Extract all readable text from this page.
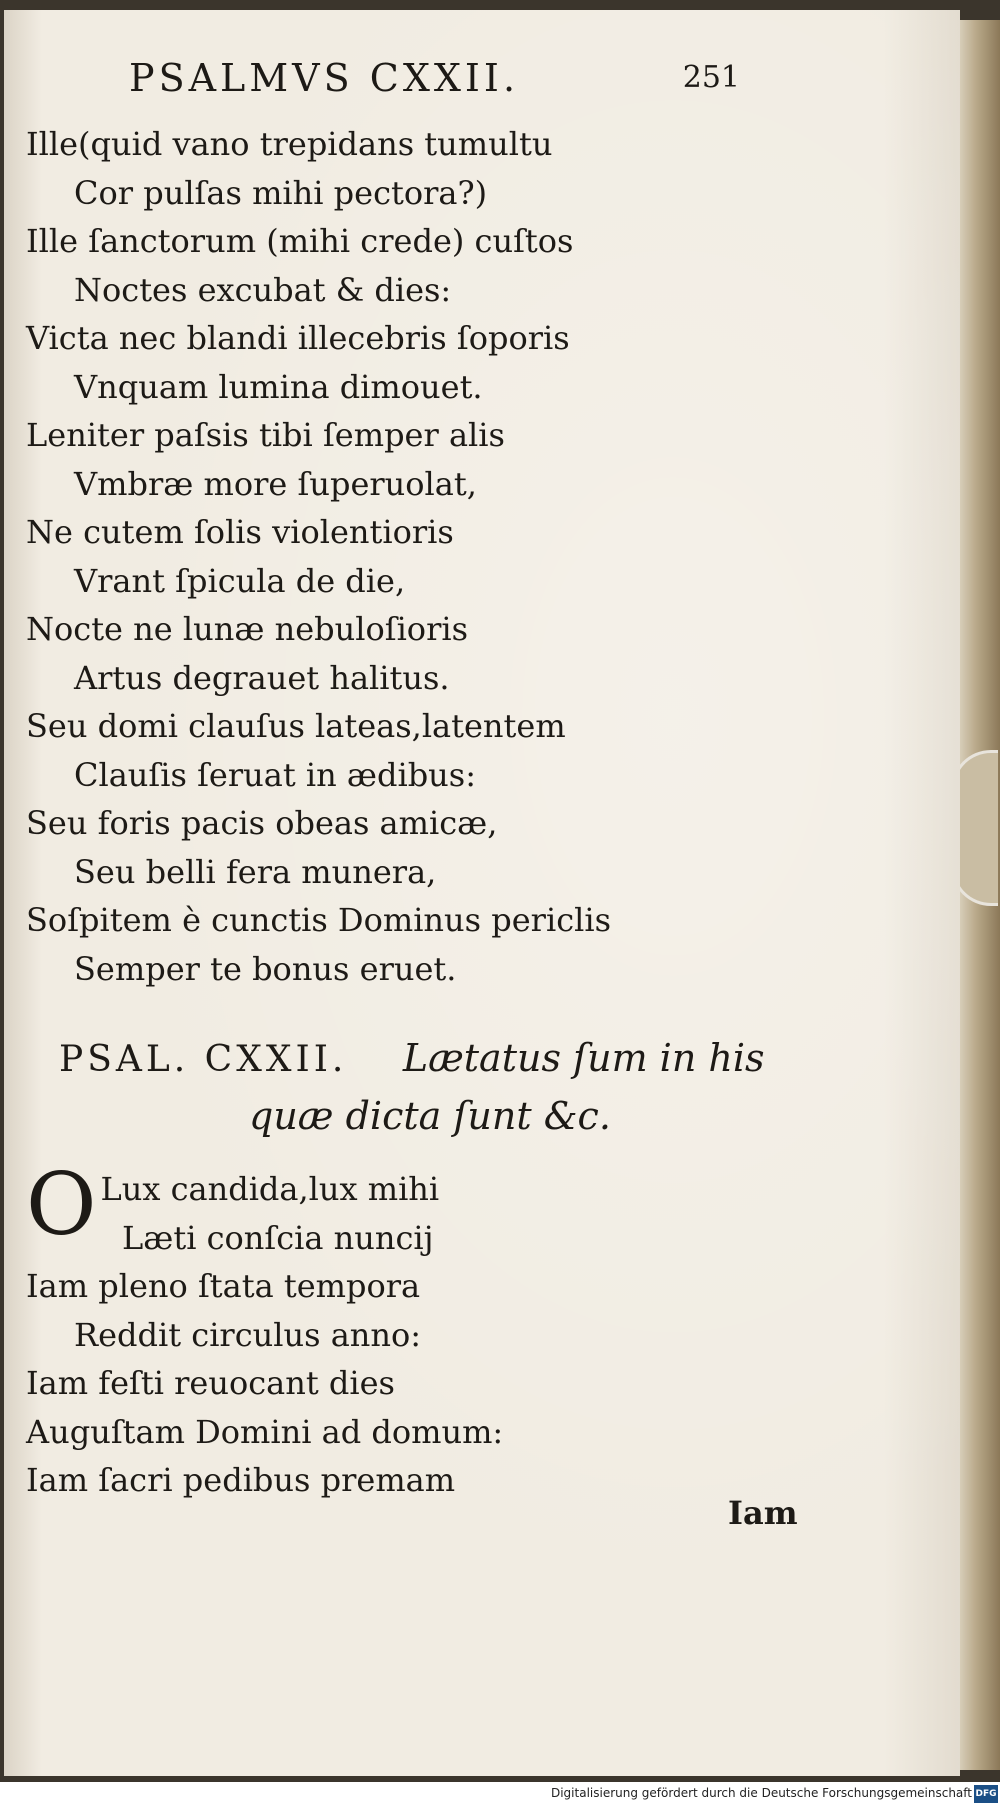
PSALMVS CXXII.	251
Ille(quid vano trepidans tumultu
Cor pulſas mihi pectora?)
Ille ſanctorum (mihi crede) cuſtos
Noctes excubat & dies:
Victa nec blandi illecebris ſoporis
Vnquam lumina dimouet.
Leniter paſsis tibi ſemper alis
Vmbræ more ſuperuolat,
Ne cutem ſolis violentioris
Vrant ſpicula de die,
Nocte ne lunæ nebuloſioris
Artus degrauet halitus.
Seu domi clauſus lateas,latentem
Clauſis ſeruat in ædibus:
Seu foris pacis obeas amicæ,
Seu belli fera munera,
Soſpitem è cunctis Dominus periclis
Semper te bonus eruet.
PSAL. CXXII. Lætatus ſum in his
quæ dicta ſunt &c.
O Lux candida,lux mihi
Læti conſcia nuncij
Iam pleno ſtata tempora
Reddit circulus anno:
Iam feſti reuocant dies
Auguſtam Domini ad domum:
Iam ſacri pedibus premam
Iam
Digitalisierung gefördert durch die Deutsche Forschungsgemeinschaft DFG
